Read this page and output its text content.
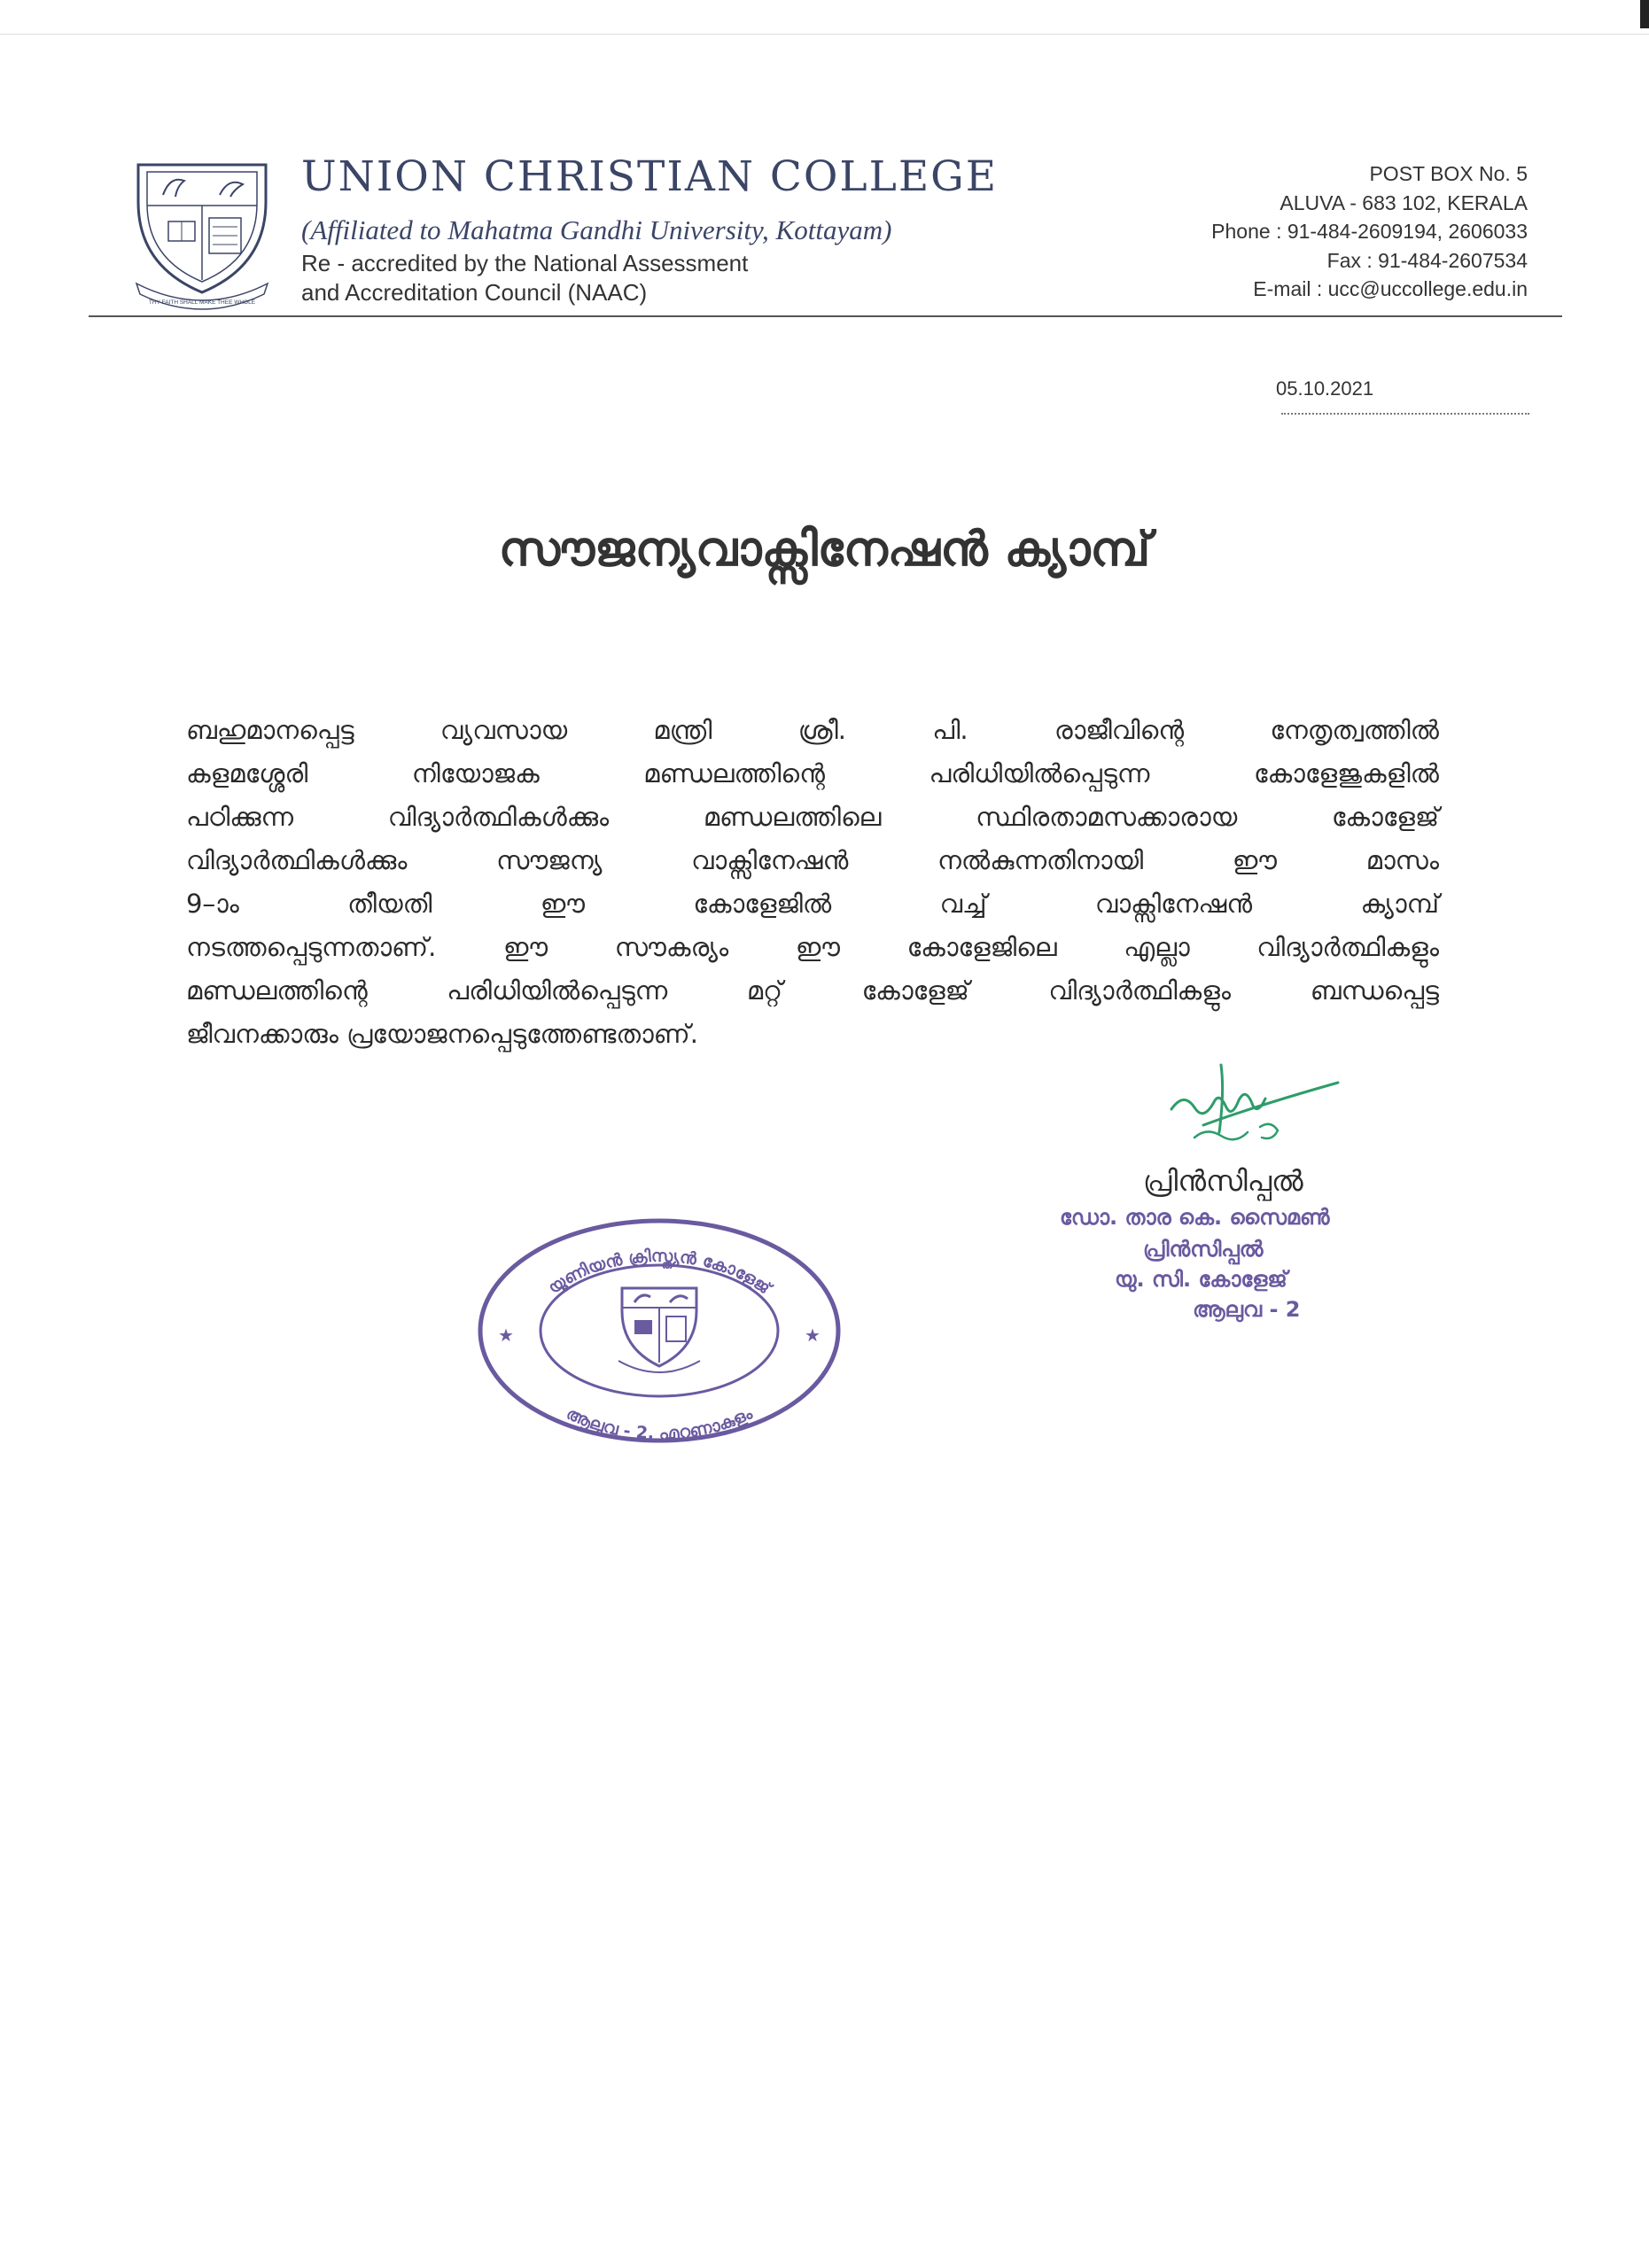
THY FAITH SHALL MAKE THEE WHOLE
UNION CHRISTIAN COLLEGE
(Affiliated to Mahatma Gandhi University, Kottayam)
Re - accredited by the National Assessment
and Accreditation Council (NAAC)
POST BOX No. 5
ALUVA - 683 102, KERALA
Phone : 91-484-2609194, 2606033
Fax : 91-484-2607534
E-mail : ucc@uccollege.edu.in
05.10.2021
സൗജന്യവാക്സിനേഷൻ ക്യാമ്പ്
ബഹുമാനപ്പെട്ട വ്യവസായ മന്ത്രി ശ്രീ. പി. രാജീവിന്റെ നേതൃത്വത്തിൽ
കളമശ്ശേരി നിയോജക മണ്ഡലത്തിന്റെ പരിധിയിൽപ്പെടുന്ന കോളേജുകളിൽ
പഠിക്കുന്ന വിദ്യാർത്ഥികൾക്കും മണ്ഡലത്തിലെ സ്ഥിരതാമസക്കാരായ കോളേജ്
വിദ്യാർത്ഥികൾക്കും സൗജന്യ വാക്സിനേഷൻ നൽകുന്നതിനായി ഈ മാസം
9–ാം തീയതി ഈ കോളേജിൽ വച്ച് വാക്സിനേഷൻ ക്യാമ്പ്
നടത്തപ്പെടുന്നതാണ്. ഈ സൗകര്യം ഈ കോളേജിലെ എല്ലാ വിദ്യാർത്ഥികളും
മണ്ഡലത്തിന്റെ പരിധിയിൽപ്പെടുന്ന മറ്റ് കോളേജ് വിദ്യാർത്ഥികളും ബന്ധപ്പെട്ട
ജീവനക്കാരും പ്രയോജനപ്പെടുത്തേണ്ടതാണ്.
പ്രിൻസിപ്പൽ
ഡോ. താര കെ. സൈമൺ
പ്രിൻസിപ്പൽ
യു. സി. കോളേജ്
ആലുവ - 2
യൂണിയൻ ക്രിസ്ത്യൻ കോളേജ്
ആലുവ - 2, എറണാകുളം
★	★
